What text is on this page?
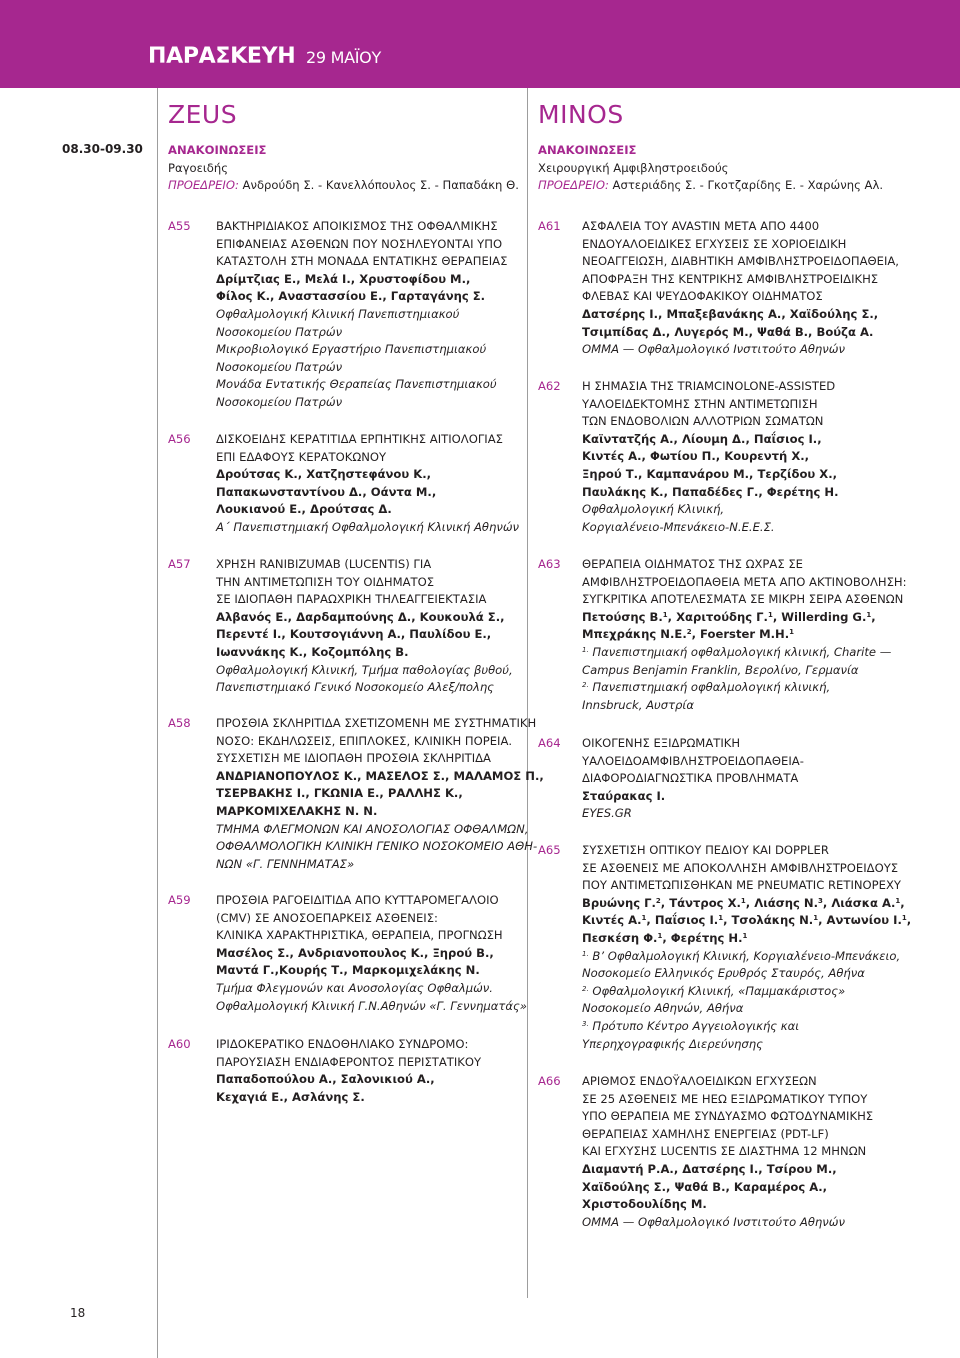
ΠΑΡΑΣΚΕΥΗ 29 ΜΑΪΟΥ
ZEUS	MINOS
08.30-09.30 ΑΝΑΚΟΙΝΩΣΕΙΣ
Ραγοειδής
ΠΡΟΕΔΡΕΙΟ: Ανδρούδη Σ. - Κανελλόπουλος Σ. - Παπαδάκη Θ.
ΑΝΑΚΟΙΝΩΣΕΙΣ
Χειρουργική Αμφιβληστροειδούς
ΠΡΟΕΔΡΕΙΟ: Αστεριάδης Σ. - Γκοτζαρίδης Ε. - Χαρώνης Αλ.
Α55 ΒΑΚΤΗΡΙΔΙΑΚΟΣ ΑΠΟΙΚΙΣΜΟΣ ΤΗΣ ΟΦΘΑΛΜΙΚΗΣ
ΕΠΙΦΑΝΕΙΑΣ ΑΣΘΕΝΩΝ ΠΟΥ ΝΟΣΗΛΕΥΟΝΤΑΙ ΥΠΟ
ΚΑΤΑΣΤΟΛΗ ΣΤΗ ΜΟΝΑΔΑ ΕΝΤΑΤΙΚΗΣ ΘΕΡΑΠΕΙΑΣ
Δρίμτζιας Ε., Μελά Ι., Χρυστοφίδου Μ.,
Φίλος Κ., Αναστασσίου Ε., Γαρταγάνης Σ.
Οφθαλμολογική Κλινική Πανεπιστημιακού
Νοσοκομείου Πατρών
Μικροβιολογικό Εργαστήριο Πανεπιστημιακού
Νοσοκομείου Πατρών
Μονάδα Εντατικής Θεραπείας Πανεπιστημιακού
Νοσοκομείου Πατρών
Α56 ΔΙΣΚΟΕΙΔΗΣ ΚΕΡΑΤΙΤΙΔΑ ΕΡΠΗΤΙΚΗΣ ΑΙΤΙΟΛΟΓΙΑΣ
ΕΠΙ ΕΔΑΦΟΥΣ ΚΕΡΑΤΟΚΩΝΟΥ
Δρούτσας Κ., Χατζηστεφάνου Κ.,
Παπακωνσταντίνου Δ., Οάντα Μ.,
Λουκιανού Ε., Δρούτσας Δ.
Α΄ Πανεπιστημιακή Οφθαλμολογική Κλινική Αθηνών
Α57 ΧΡΗΣΗ RANIBIZUMAB (LUCENTIS) ΓΙΑ
ΤΗΝ ΑΝΤΙΜΕΤΩΠΙΣΗ ΤΟΥ ΟΙΔΗΜΑΤΟΣ
ΣΕ ΙΔΙΟΠΑΘΗ ΠΑΡΑΩΧΡΙΚΗ ΤΗΛΕΑΓΓΕΙΕΚΤΑΣΙΑ
Αλβανός Ε., Δαρδαμπούνης Δ., Κουκουλά Σ.,
Περεντέ Ι., Κουτσογιάννη Α., Παυλίδου Ε.,
Ιωαννάκης Κ., Κοζομπόλης Β.
Οφθαλμολογική Κλινική, Τμήμα παθολογίας βυθού,
Πανεπιστημιακό Γενικό Νοσοκομείο Αλεξ/πολης
Α58 ΠΡΟΣΘΙΑ ΣΚΛΗΡΙΤΙΔΑ ΣΧΕΤΙΖΟΜΕΝΗ ΜΕ ΣΥΣΤΗΜΑΤΙΚΗ
ΝΟΣΟ: ΕΚΔΗΛΩΣΕΙΣ, ΕΠΙΠΛΟΚΕΣ, ΚΛΙΝΙΚΗ ΠΟΡΕΙΑ.
ΣΥΣΧΕΤΙΣΗ ΜΕ ΙΔΙΟΠΑΘΗ ΠΡΟΣΘΙΑ ΣΚΛΗΡΙΤΙΔΑ
ΑΝΔΡΙΑΝΟΠΟΥΛΟΣ Κ., ΜΑΣΕΛΟΣ Σ., ΜΑΛΑΜΟΣ Π.,
ΤΣΕΡΒΑΚΗΣ Ι., ΓΚΩΝΙΑ Ε., ΡΑΛΛΗΣ Κ.,
ΜΑΡΚΟΜΙΧΕΛΑΚΗΣ Ν. Ν.
ΤΜΗΜΑ ΦΛΕΓΜΟΝΩΝ ΚΑΙ ΑΝΟΣΟΛΟΓΙΑΣ ΟΦΘΑΛΜΩΝ,
ΟΦΘΑΛΜΟΛΟΓΙΚΗ ΚΛΙΝΙΚΗ ΓΕΝΙΚΟ ΝΟΣΟΚΟΜΕΙΟ ΑΘΗ-
ΝΩΝ «Γ. ΓΕΝΝΗΜΑΤΑΣ»
Α59 ΠΡΟΣΘΙΑ ΡΑΓΟΕΙΔΙΤΙΔΑ ΑΠΟ ΚΥΤΤΑΡΟΜΕΓΑΛΟΙΟ
(CMV) ΣΕ ΑΝΟΣΟΕΠΑΡΚΕΙΣ ΑΣΘΕΝΕΙΣ:
ΚΛΙΝΙΚΑ ΧΑΡΑΚΤΗΡΙΣΤΙΚΑ, ΘΕΡΑΠΕΙΑ, ΠΡΟΓΝΩΣΗ
Μασέλος Σ., Ανδριανοπουλος Κ., Ξηρού Β.,
Μαντά Γ.,Κουρής Τ., Μαρκομιχελάκης Ν.
Τμήμα Φλεγμονών και Ανοσολογίας Οφθαλμών.
Οφθαλμολογική Κλινική Γ.Ν.Αθηνών «Γ. Γεννηματάς»
Α60 ΙΡΙΔΟΚΕΡΑΤΙΚΟ ΕΝΔΟΘΗΛΙΑΚΟ ΣΥΝΔΡΟΜΟ:
ΠΑΡΟΥΣΙΑΣΗ ΕΝΔΙΑΦΕΡΟΝΤΟΣ ΠΕΡΙΣΤΑΤΙΚΟΥ
Παπαδοπούλου Α., Σαλονικιού Α.,
Κεχαγιά Ε., Ασλάνης Σ.
Α61 ΑΣΦΑΛΕΙΑ ΤΟΥ AVASTIN ΜΕΤΑ ΑΠΟ 4400
ΕΝΔΟΥΑΛΟΕΙΔΙΚΕΣ ΕΓΧΥΣΕΙΣ ΣΕ ΧΟΡΙΟΕΙΔΙΚΗ
ΝΕΟΑΓΓΕΙΩΣΗ, ΔΙΑΒΗΤΙΚΗ ΑΜΦΙΒΛΗΣΤΡΟΕΙΔΟΠΑΘΕΙΑ,
ΑΠΟΦΡΑΞΗ ΤΗΣ ΚΕΝΤΡΙΚΗΣ ΑΜΦΙΒΛΗΣΤΡΟΕΙΔΙΚΗΣ
ΦΛΕΒΑΣ ΚΑΙ ΨΕΥΔΟΦΑΚΙΚΟΥ ΟΙΔΗΜΑΤΟΣ
Δατσέρης Ι., Μπαξεβανάκης Α., Χαϊδούλης Σ.,
Τσιμπίδας Δ., Λυγερός Μ., Ψαθά Β., Βούζα Α.
ΟΜΜΑ — Οφθαλμολογικό Ινστιτούτο Αθηνών
Α62 Η ΣΗΜΑΣΙΑ ΤΗΣ TRIAMCINOLONE-ASSISTED
ΥΑΛΟΕΙΔΕΚΤΟΜΗΣ ΣΤΗΝ ΑΝΤΙΜΕΤΩΠΙΣΗ
ΤΩΝ ΕΝΔΟΒΟΛΙΩΝ ΑΛΛΟΤΡΙΩΝ ΣΩΜΑΤΩΝ
Καϊντατζής Α., Λίουμη Δ., Παΐσιος Ι.,
Κιντές Α., Φωτίου Π., Κουρεντή Χ.,
Ξηρού Τ., Καμπανάρου Μ., Τερζίδου Χ.,
Παυλάκης Κ., Παπαδέδες Γ., Φερέτης Η.
Οφθαλμολογική Κλινική,
Κοργιαλένειο-Μπενάκειο-Ν.Ε.Ε.Σ.
Α63 ΘΕΡΑΠΕΙΑ ΟΙΔΗΜΑΤΟΣ ΤΗΣ ΩΧΡΑΣ ΣΕ
ΑΜΦΙΒΛΗΣΤΡΟΕΙΔΟΠΑΘΕΙΑ ΜΕΤΑ ΑΠΟ ΑΚΤΙΝΟΒΟΛΗΣΗ:
ΣΥΓΚΡΙΤΙΚΑ ΑΠΟΤΕΛΕΣΜΑΤΑ ΣΕ ΜΙΚΡΗ ΣΕΙΡΑ ΑΣΘΕΝΩΝ
Πετούσης Β.$^1$, Χαριτούδης Γ.$^1$, Willerding G.$^1$,
Μπεχράκης Ν.Ε.$^2$, Foerster Μ.Η.$^1$
$^{1.}$ Πανεπιστημιακή οφθαλμολογική κλινική, Charite —
Campus Benjamin Franklin, Βερολίνο, Γερμανία
$^{2.}$ Πανεπιστημιακή οφθαλμολογική κλινική,
Innsbruck, Αυστρία
Α64 ΟΙΚΟΓΕΝΗΣ ΕΞΙΔΡΩΜΑΤΙΚΗ
ΥΑΛΟΕΙΔΟΑΜΦΙΒΛΗΣΤΡΟΕΙΔΟΠΑΘΕΙΑ-
ΔΙΑΦΟΡΟΔΙΑΓΝΩΣΤΙΚΑ ΠΡΟΒΛΗΜΑΤΑ
Σταύρακας Ι.
EYES.GR
Α65 ΣΥΣΧΕΤΙΣΗ ΟΠΤΙΚΟΥ ΠΕΔΙΟΥ ΚΑΙ DOPPLER
ΣΕ ΑΣΘΕΝΕΙΣ ΜΕ ΑΠΟΚΟΛΛΗΣΗ ΑΜΦΙΒΛΗΣΤΡΟΕΙΔΟΥΣ
ΠΟΥ ΑΝΤΙΜΕΤΩΠΙΣΘΗΚΑΝ ΜΕ PNEUMATIC RETINOPEXY
Βρυώνης Γ.$^2$, Τάντρος Χ.$^1$, Λιάσης Ν.$^3$, Λιάσκα Α.$^1$,
Κιντές Α.$^1$, Παΐσιος Ι.$^1$, Τσολάκης Ν.$^1$, Αντωνίου Ι.$^1$,
Πεσκέση Φ.$^1$, Φερέτης Η.$^1$
$^{1.}$ Β’ Οφθαλμολογική Κλινική, Κοργιαλένειο-Μπενάκειο,
Νοσοκομείο Ελληνικός Ερυθρός Σταυρός, Αθήνα
$^{2.}$ Οφθαλμολογική Κλινική, «Παμμακάριστος»
Νοσοκομείο Αθηνών, Αθήνα
$^{3.}$ Πρότυπο Κέντρο Αγγειολογικής και
Υπερηχογραφικής Διερεύνησης
Α66 ΑΡΙΘΜΟΣ ΕΝΔΟΫΑΛΟΕΙΔΙΚΩΝ ΕΓΧΥΣΕΩΝ
ΣΕ 25 ΑΣΘΕΝΕΙΣ ΜΕ ΗΕΩ ΕΞΙΔΡΩΜΑΤΙΚΟΥ ΤΥΠΟΥ
ΥΠΟ ΘΕΡΑΠΕΙΑ ΜΕ ΣΥΝΔΥΑΣΜΟ ΦΩΤΟΔΥΝΑΜΙΚΗΣ
ΘΕΡΑΠΕΙΑΣ ΧΑΜΗΛΗΣ ΕΝΕΡΓΕΙΑΣ (PDT-LF)
ΚΑΙ ΕΓΧΥΣΗΣ LUCENTIS ΣΕ ΔΙΑΣΤΗΜΑ 12 ΜΗΝΩΝ
Διαμαντή Ρ.Α., Δατσέρης Ι., Τσίρου Μ.,
Χαϊδούλης Σ., Ψαθά Β., Καραμέρος Α.,
Χριστοδουλίδης Μ.
ΟΜΜΑ — Οφθαλμολογικό Ινστιτούτο Αθηνών
18
